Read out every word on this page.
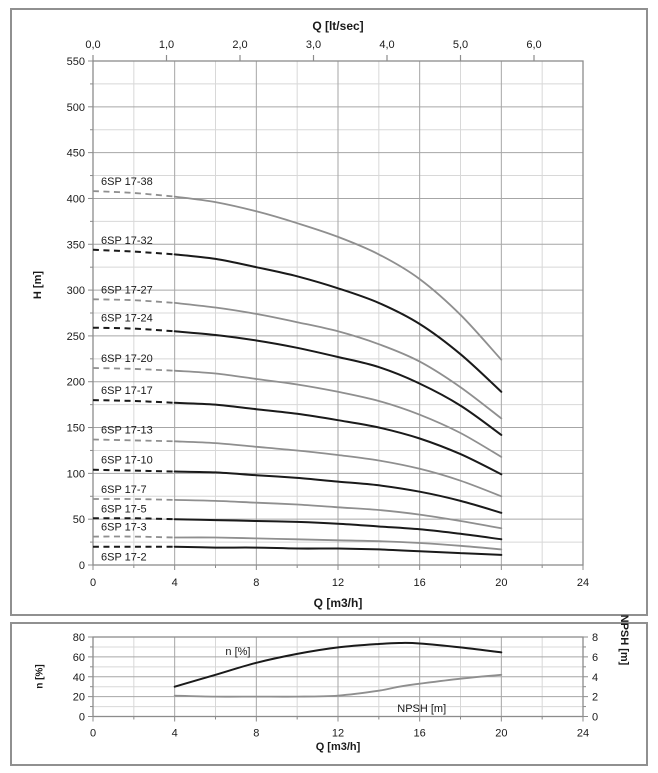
Q [lt/sec]
H [m]
Q [m3/h]
0,0	1,0	2,0	3,0	4,0	5,0	6,0
0
50
100
150
200
250
300
350
400
450
500
550
0	4	8	12	16	20	24
6SP 17-38
6SP 17-32
6SP 17-27
6SP 17-24
6SP 17-20
6SP 17-17
6SP 17-13
6SP 17-10
6SP 17-7
6SP 17-5
6SP 17-3
6SP 17-2
n [%]
NPSH [m]
Q [m3/h]
0
20
40
60
80
0
2
4
6
8
0	4	8	12	16	20	24
n [%]
NPSH [m]
